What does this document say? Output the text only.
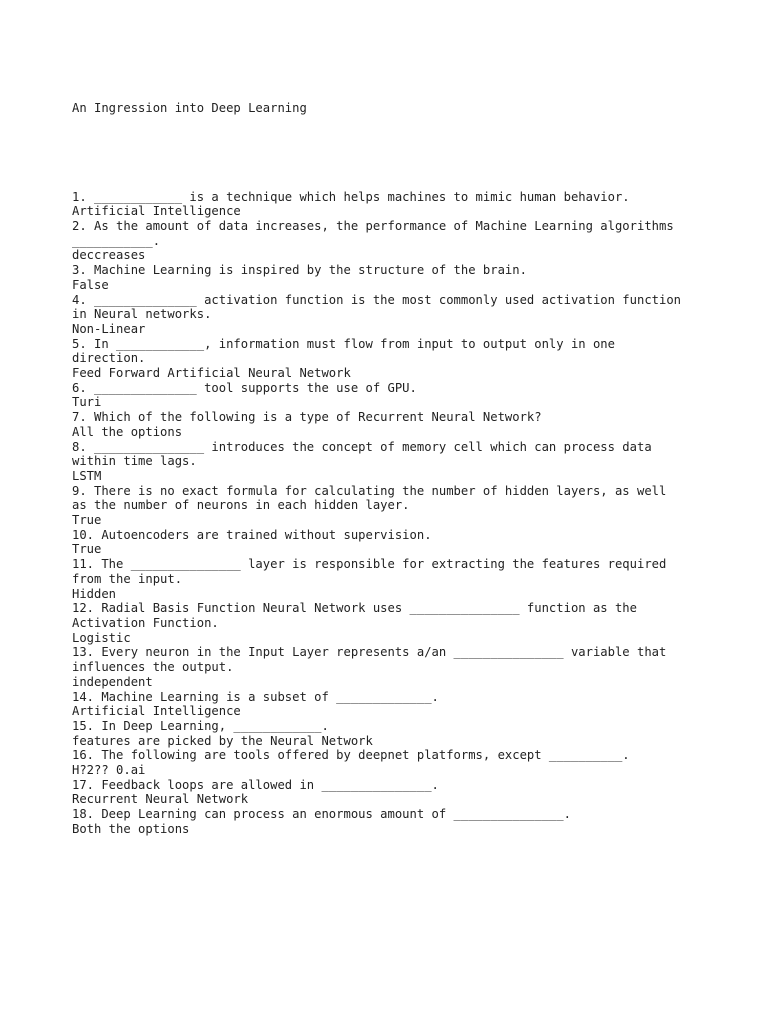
An Ingression into Deep Learning

1. ____________ is a technique which helps machines to mimic human behavior.
Artificial Intelligence
2. As the amount of data increases, the performance of Machine Learning algorithms
___________.
deccreases
3. Machine Learning is inspired by the structure of the brain.
False
4. ______________ activation function is the most commonly used activation function
in Neural networks.
Non-Linear
5. In ____________, information must flow from input to output only in one
direction.
Feed Forward Artificial Neural Network
6. ______________ tool supports the use of GPU.
Turi
7. Which of the following is a type of Recurrent Neural Network?
All the options
8. _______________ introduces the concept of memory cell which can process data
within time lags.
LSTM
9. There is no exact formula for calculating the number of hidden layers, as well
as the number of neurons in each hidden layer.
True
10. Autoencoders are trained without supervision.
True
11. The _______________ layer is responsible for extracting the features required
from the input.
Hidden
12. Radial Basis Function Neural Network uses _______________ function as the
Activation Function.
Logistic
13. Every neuron in the Input Layer represents a/an _______________ variable that
influences the output.
independent
14. Machine Learning is a subset of _____________.
Artificial Intelligence
15. In Deep Learning, ____________.
features are picked by the Neural Network
16. The following are tools offered by deepnet platforms, except __________.
H?2?? 0.ai
17. Feedback loops are allowed in _______________.
Recurrent Neural Network
18. Deep Learning can process an enormous amount of _______________.
Both the options
